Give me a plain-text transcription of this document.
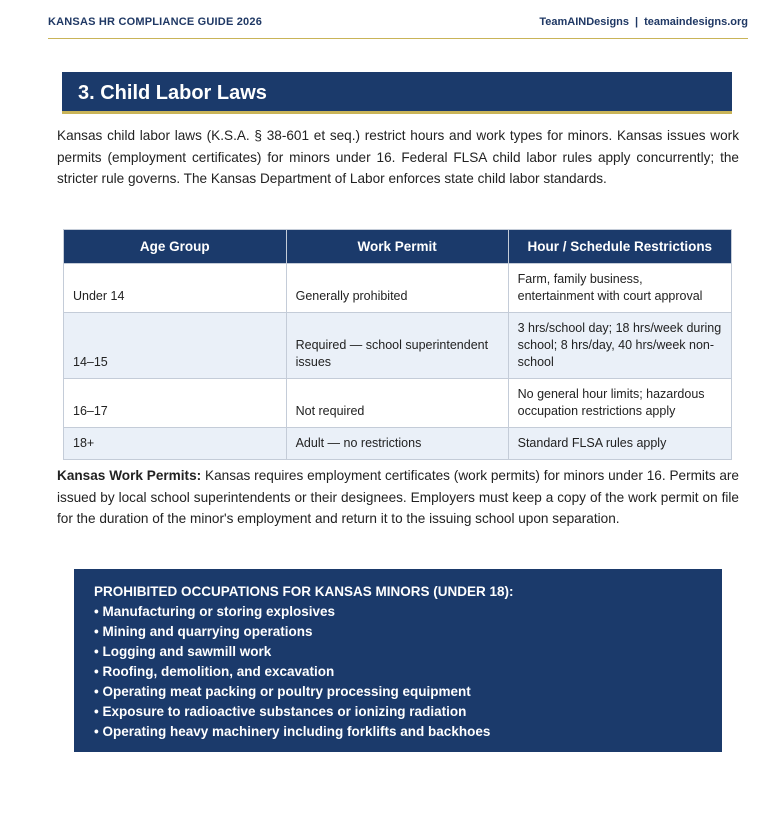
KANSAS HR COMPLIANCE GUIDE 2026	TeamAINDesigns | teamaindesigns.org
3. Child Labor Laws

Kansas child labor laws (K.S.A. § 38-601 et seq.) restrict hours and work types for minors. Kansas issues work permits (employment certificates) for minors under 16. Federal FLSA child labor rules apply concurrently; the stricter rule governs. The Kansas Department of Labor enforces state child labor standards.

Age Group	Work Permit	Hour / Schedule Restrictions
Under 14	Generally prohibited	Farm, family business, entertainment with court approval
14–15	Required — school superintendent issues	3 hrs/school day; 18 hrs/week during school; 8 hrs/day, 40 hrs/week non-school
16–17	Not required	No general hour limits; hazardous occupation restrictions apply
18+	Adult — no restrictions	Standard FLSA rules apply

Kansas Work Permits: Kansas requires employment certificates (work permits) for minors under 16. Permits are issued by local school superintendents or their designees. Employers must keep a copy of the work permit on file for the duration of the minor's employment and return it to the issuing school upon separation.

PROHIBITED OCCUPATIONS FOR KANSAS MINORS (UNDER 18):
• Manufacturing or storing explosives
• Mining and quarrying operations
• Logging and sawmill work
• Roofing, demolition, and excavation
• Operating meat packing or poultry processing equipment
• Exposure to radioactive substances or ionizing radiation
• Operating heavy machinery including forklifts and backhoes
